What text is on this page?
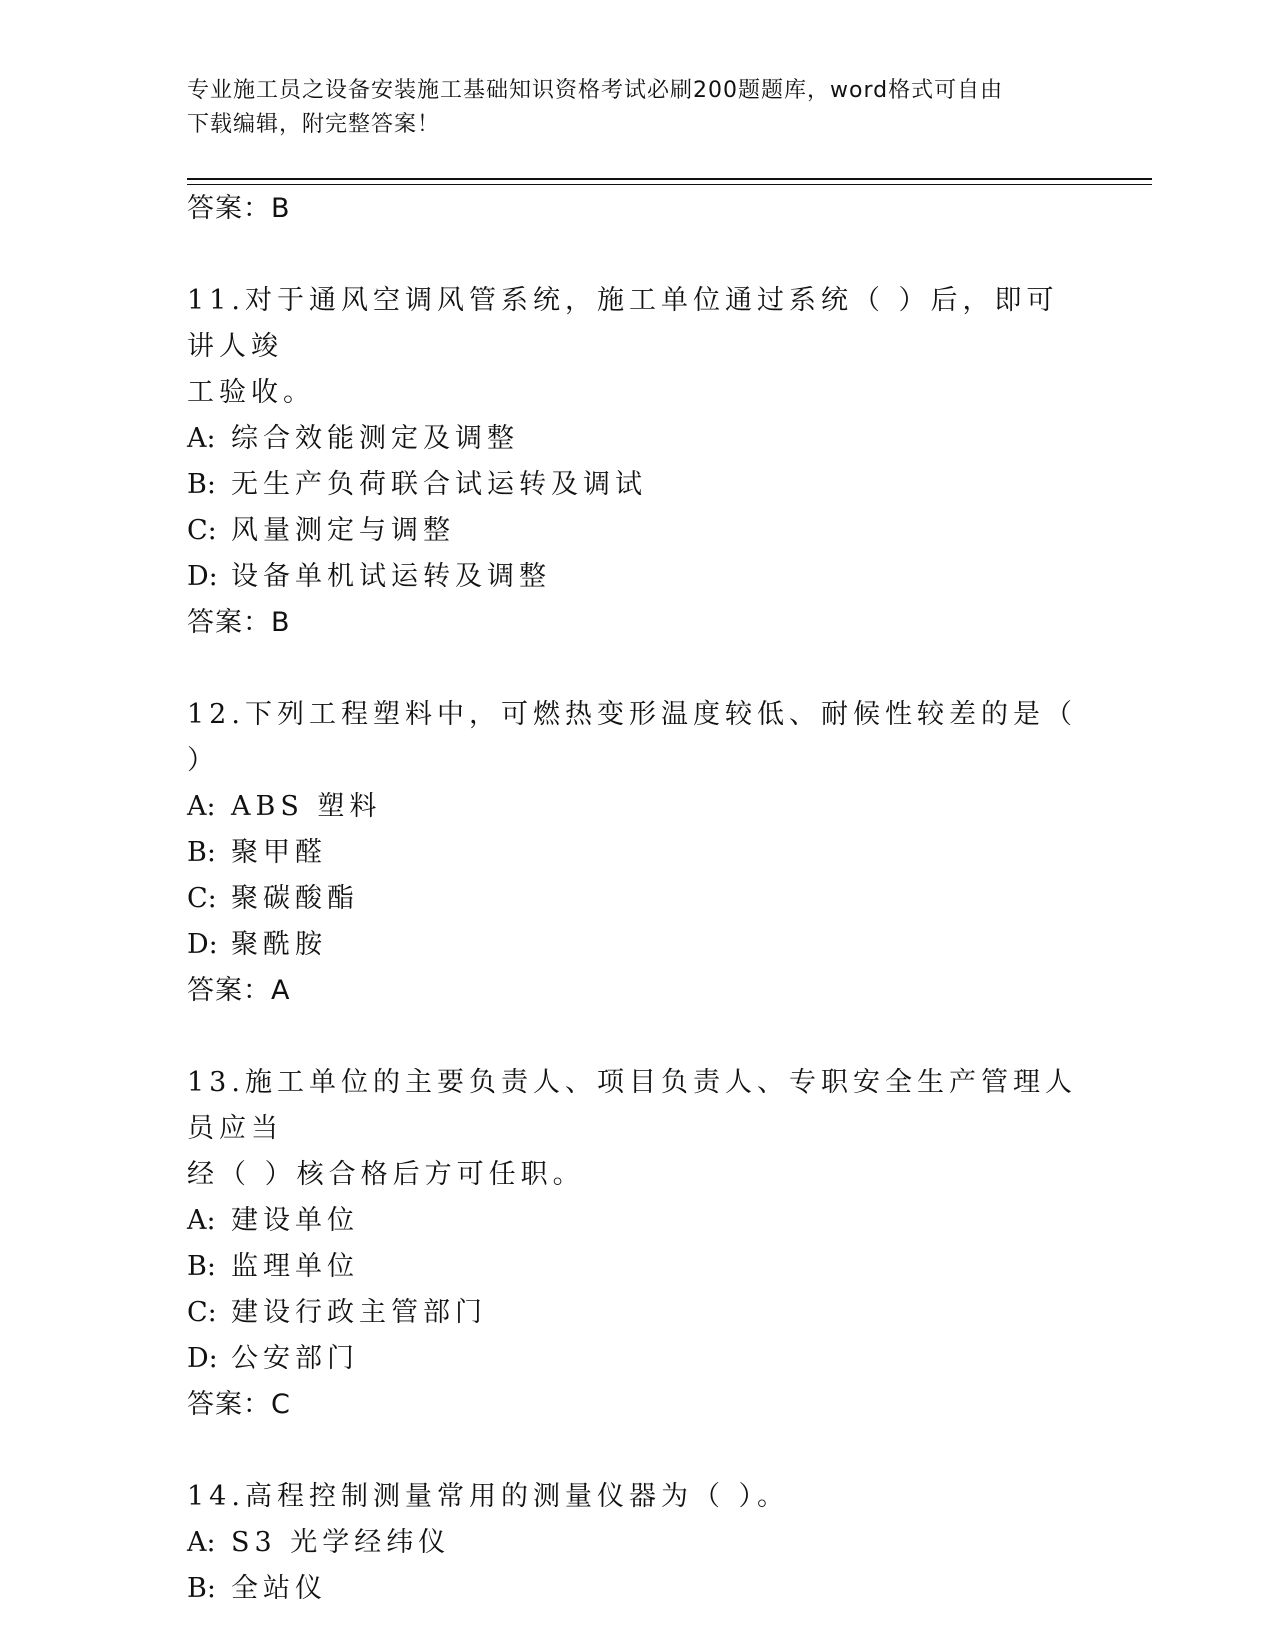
专业施工员之设备安装施工基础知识资格考试必刷200题题库，word格式可自由
下载编辑，附完整答案！
答案：B
11.对于通风空调风管系统，施工单位通过系统（ ）后，即可讲人竣
工验收。
A: 综合效能测定及调整
B: 无生产负荷联合试运转及调试
C: 风量测定与调整
D: 设备单机试运转及调整
答案：B
12.下列工程塑料中，可燃热变形温度较低、耐候性较差的是（ ）
A: ABS 塑料
B: 聚甲醛
C: 聚碳酸酯
D: 聚酰胺
答案：A
13.施工单位的主要负责人、项目负责人、专职安全生产管理人员应当
经（ ）核合格后方可任职。
A: 建设单位
B: 监理单位
C: 建设行政主管部门
D: 公安部门
答案：C
14.高程控制测量常用的测量仪器为（ ）。
A: S3 光学经纬仪
B: 全站仪
